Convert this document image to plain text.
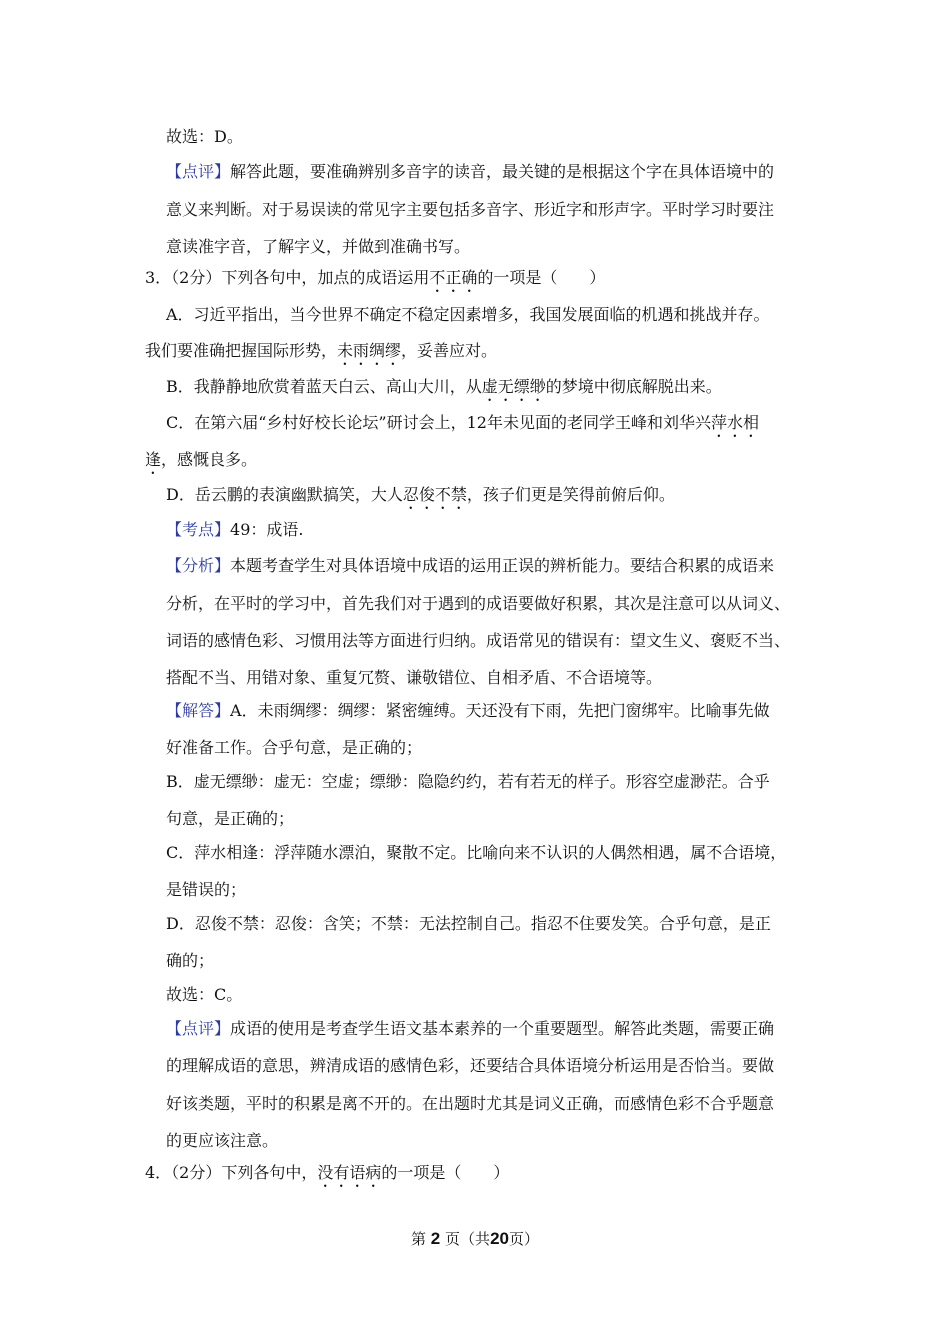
故选：D。
【点评】解答此题，要准确辨别多音字的读音，最关键的是根据这个字在具体语境中的
意义来判断。对于易误读的常见字主要包括多音字、形近字和形声字。平时学习时要注
意读准字音，了解字义，并做到准确书写。
3．（2分）下列各句中，加点的成语运用不正确的一项是（　　）
A．习近平指出，当今世界不确定不稳定因素增多，我国发展面临的机遇和挑战并存。
我们要准确把握国际形势，未雨绸缪，妥善应对。
B．我静静地欣赏着蓝天白云、高山大川，从虚无缥缈的梦境中彻底解脱出来。
C．在第六届“乡村好校长论坛”研讨会上，12年未见面的老同学王峰和刘华兴萍水相
逢，感慨良多。
D．岳云鹏的表演幽默搞笑，大人忍俊不禁，孩子们更是笑得前俯后仰。
【考点】49：成语.
【分析】本题考查学生对具体语境中成语的运用正误的辨析能力。要结合积累的成语来
分析，在平时的学习中，首先我们对于遇到的成语要做好积累，其次是注意可以从词义、
词语的感情色彩、习惯用法等方面进行归纳。成语常见的错误有：望文生义、褒贬不当、
搭配不当、用错对象、重复冗赘、谦敬错位、自相矛盾、不合语境等。
【解答】A．未雨绸缪：绸缪：紧密缠缚。天还没有下雨，先把门窗绑牢。比喻事先做
好准备工作。合乎句意，是正确的；
B．虚无缥缈：虚无：空虚；缥缈：隐隐约约，若有若无的样子。形容空虚渺茫。合乎
句意，是正确的；
C．萍水相逢：浮萍随水漂泊，聚散不定。比喻向来不认识的人偶然相遇，属不合语境，
是错误的；
D．忍俊不禁：忍俊：含笑；不禁：无法控制自己。指忍不住要发笑。合乎句意，是正
确的；
故选：C。
【点评】成语的使用是考查学生语文基本素养的一个重要题型。解答此类题，需要正确
的理解成语的意思，辨清成语的感情色彩，还要结合具体语境分析运用是否恰当。要做
好该类题，平时的积累是离不开的。在出题时尤其是词义正确，而感情色彩不合乎题意
的更应该注意。
4．（2分）下列各句中，没有语病的一项是（　　）
第 2 页（共20页）
